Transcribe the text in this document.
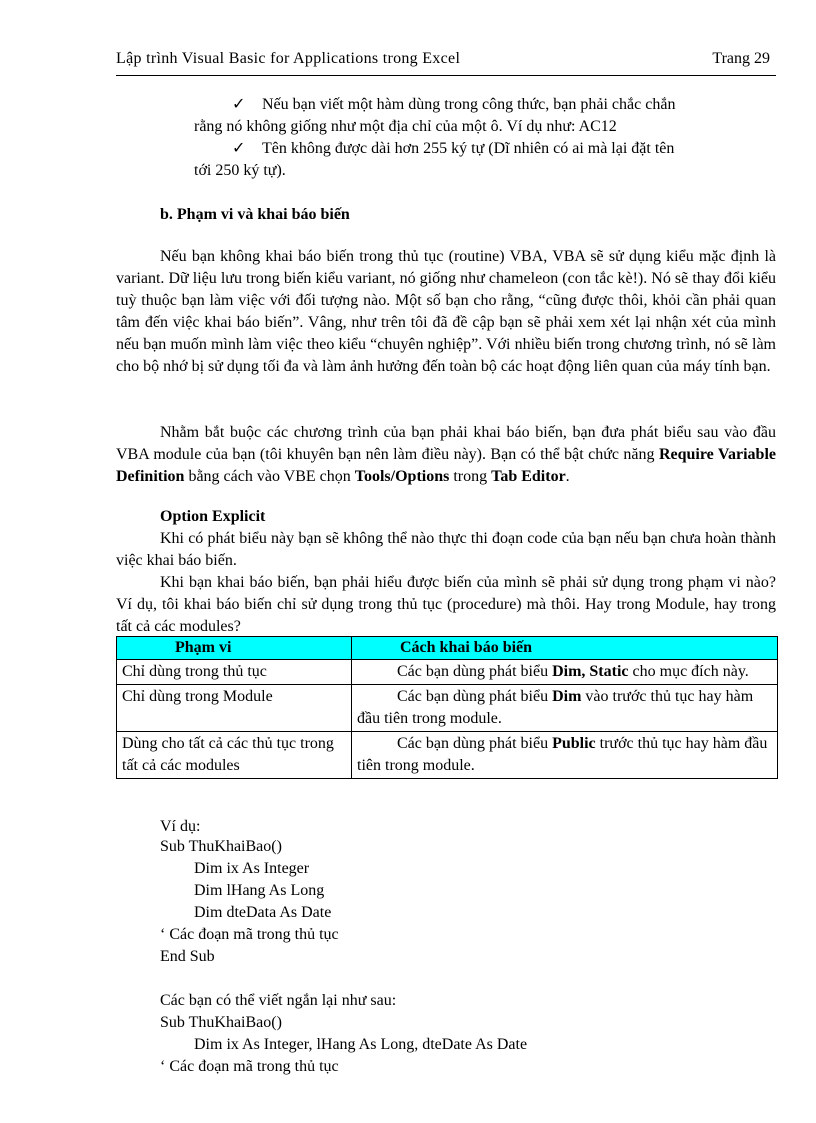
Lập trình Visual Basic for Applications trong Excel	Trang 29
✓ Nếu bạn viết một hàm dùng trong công thức, bạn phải chắc chắn
rằng nó không giống như một địa chỉ của một ô. Ví dụ như: AC12
✓ Tên không được dài hơn 255 ký tự (Dĩ nhiên có ai mà lại đặt tên
tới 250 ký tự).
b. Phạm vi và khai báo biến

Nếu bạn không khai báo biến trong thủ tục (routine) VBA, VBA sẽ sử dụng kiểu mặc định là variant. Dữ liệu lưu trong biến kiểu variant, nó giống như chameleon (con tắc kè!). Nó sẽ thay đổi kiểu tuỳ thuộc bạn làm việc với đối tượng nào. Một số bạn cho rằng, “cũng được thôi, khỏi cần phải quan tâm đến việc khai báo biến”. Vâng, như trên tôi đã đề cập bạn sẽ phải xem xét lại nhận xét của mình nếu bạn muốn mình làm việc theo kiểu “chuyên nghiệp”. Với nhiều biến trong chương trình, nó sẽ làm cho bộ nhớ bị sử dụng tối đa và làm ảnh hưởng đến toàn bộ các hoạt động liên quan của máy tính bạn.

Nhằm bắt buộc các chương trình của bạn phải khai báo biến, bạn đưa phát biểu sau vào đầu VBA module của bạn (tôi khuyên bạn nên làm điều này). Bạn có thể bật chức năng Require Variable Definition bằng cách vào VBE chọn Tools/Options trong Tab Editor.

Option Explicit

Khi có phát biểu này bạn sẽ không thể nào thực thi đoạn code của bạn nếu bạn chưa hoàn thành việc khai báo biến.

Khi bạn khai báo biến, bạn phải hiểu được biến của mình sẽ phải sử dụng trong phạm vi nào? Ví dụ, tôi khai báo biến chỉ sử dụng trong thủ tục (procedure) mà thôi. Hay trong Module, hay trong tất cả các modules?

Phạm vi	Cách khai báo biến
Chỉ dùng trong thủ tục	Các bạn dùng phát biểu Dim, Static cho mục đích này.
Chỉ dùng trong Module	Các bạn dùng phát biểu Dim vào trước thủ tục hay hàm đầu tiên trong module.
Dùng cho tất cả các thủ tục trong tất cả các modules	Các bạn dùng phát biểu Public trước thủ tục hay hàm đầu tiên trong module.
Ví dụ:
Sub ThuKhaiBao()
Dim ix As Integer
Dim lHang As Long
Dim dteData As Date
‘ Các đoạn mã trong thủ tục
End Sub
Các bạn có thể viết ngắn lại như sau:
Sub ThuKhaiBao()
Dim ix As Integer, lHang As Long, dteDate As Date
‘ Các đoạn mã trong thủ tục
